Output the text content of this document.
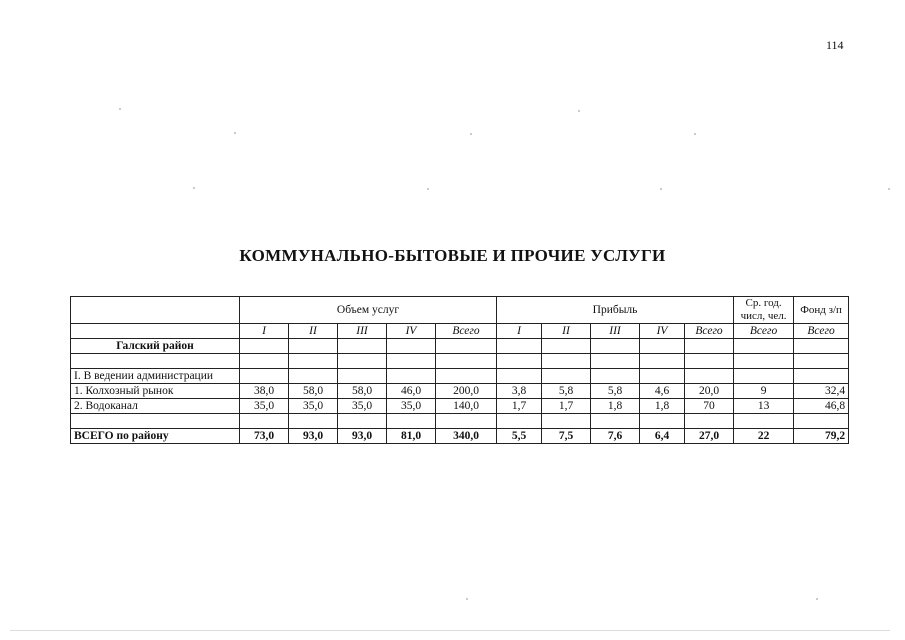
114
КОММУНАЛЬНО-БЫТОВЫЕ И ПРОЧИЕ УСЛУГИ
	Объем услуг					Прибыль					Ср. год. числ, чел.	Фонд з/п
	I	II	III	IV	Всего	I	II	III	IV	Всего	Всего	Всего
Галский район												

I. В ведении администрации												
1. Колхозный рынок	38,0	58,0	58,0	46,0	200,0	3,8	5,8	5,8	4,6	20,0	9	32,4
2. Водоканал	35,0	35,0	35,0	35,0	140,0	1,7	1,7	1,8	1,8	70	13	46,8

ВСЕГО по району	73,0	93,0	93,0	81,0	340,0	5,5	7,5	7,6	6,4	27,0	22	79,2
